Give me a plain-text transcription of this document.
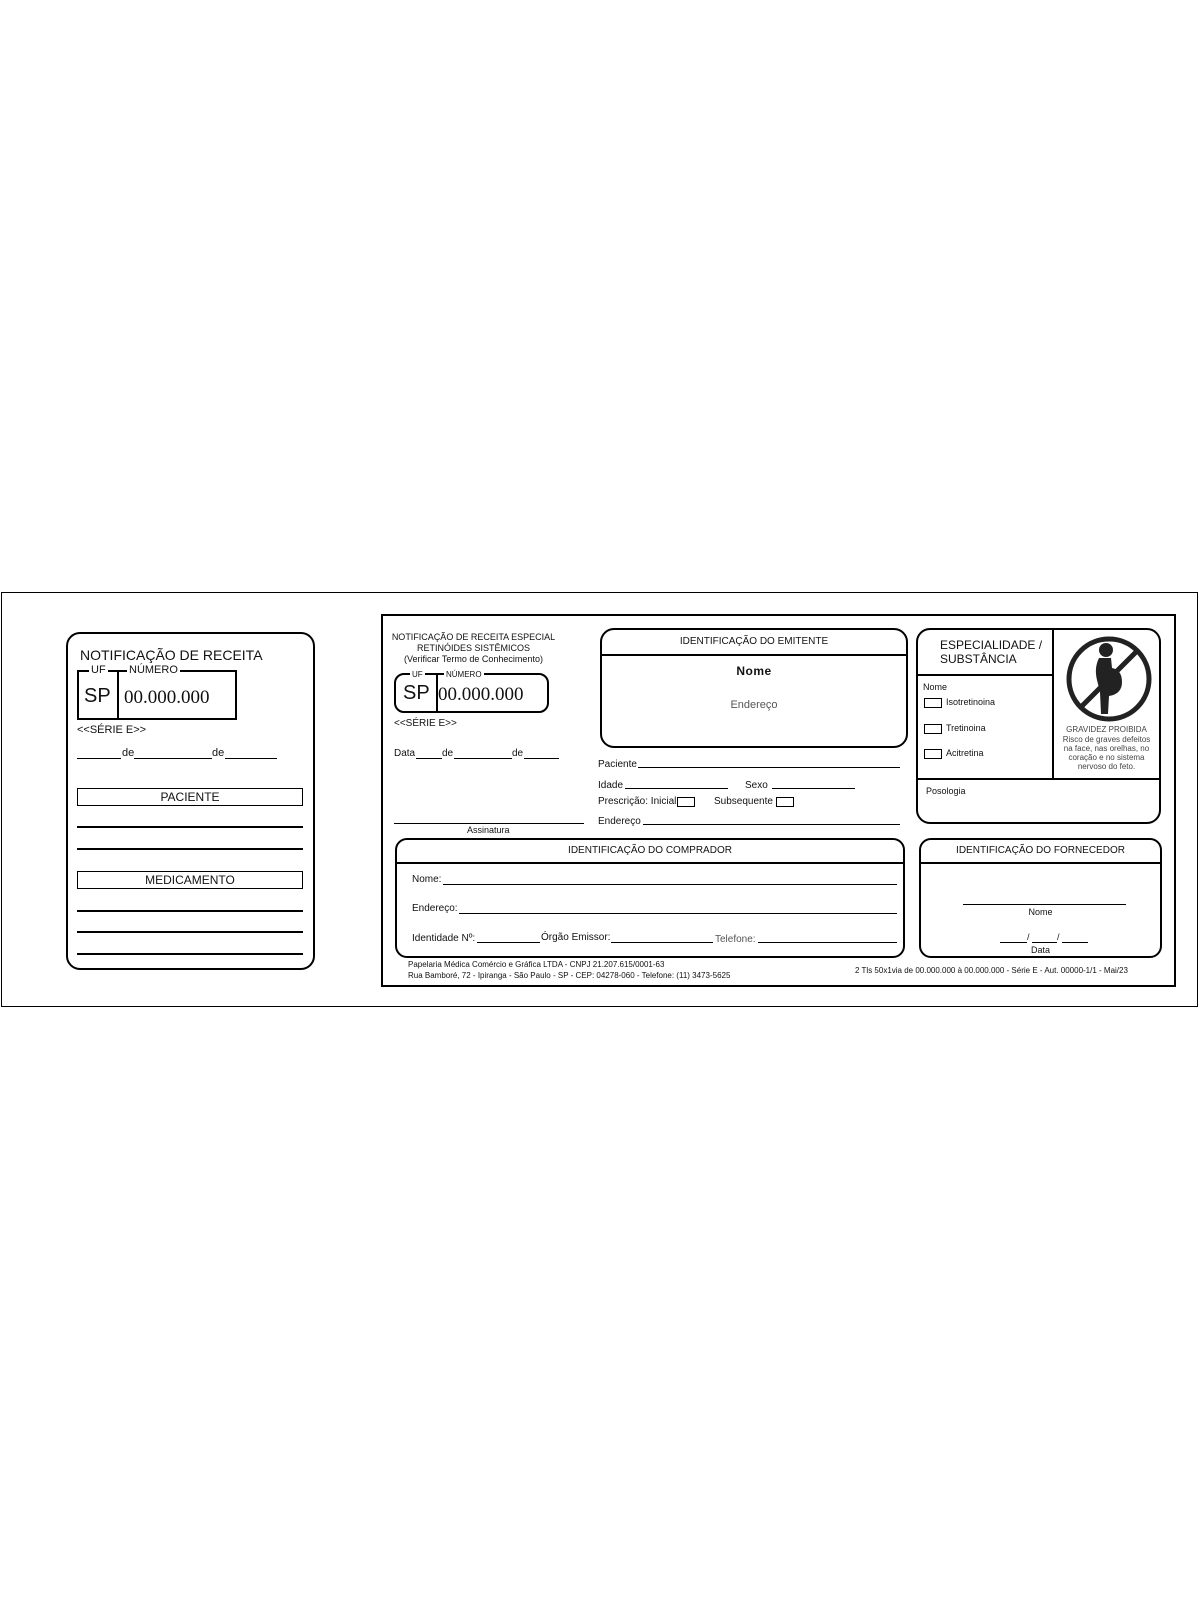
NOTIFICAÇÃO DE RECEITA
UF NÚMERO
SP 00.000.000
<<SÉRIE E>>
de	de
PACIENTE
MEDICAMENTO
NOTIFICAÇÃO DE RECEITA ESPECIAL
RETINÓIDES SISTÊMICOS
(Verificar Termo de Conhecimento)
UF	NÚMERO
SP 00.000.000
<<SÉRIE E>>
Data	de	de
Assinatura
IDENTIFICAÇÃO DO EMITENTE
Nome
Endereço
Paciente
Idade	Sexo
Prescrição: Inicial	Subsequente
Endereço
ESPECIALIDADE /
SUBSTÂNCIA
Nome
Isotretinoina
Tretinoina
Acitretina
GRAVIDEZ PROIBIDA
Risco de graves defeitos
na face, nas orelhas, no
coração e no sistema
nervoso do feto.
Posologia
IDENTIFICAÇÃO DO COMPRADOR
Nome:
Endereço:
Identidade Nº:	Órgão Emissor:	Telefone:
IDENTIFICAÇÃO DO FORNECEDOR
Nome
/	/
Data
Papelaria Médica Comércio e Gráfica LTDA - CNPJ 21.207.615/0001-63
Rua Bamboré, 72 - Ipiranga - São Paulo - SP - CEP: 04278-060 - Telefone: (11) 3473-5625
2 Tls 50x1via de 00.000.000 à 00.000.000 - Série E - Aut. 00000-1/1 - Mai/23
